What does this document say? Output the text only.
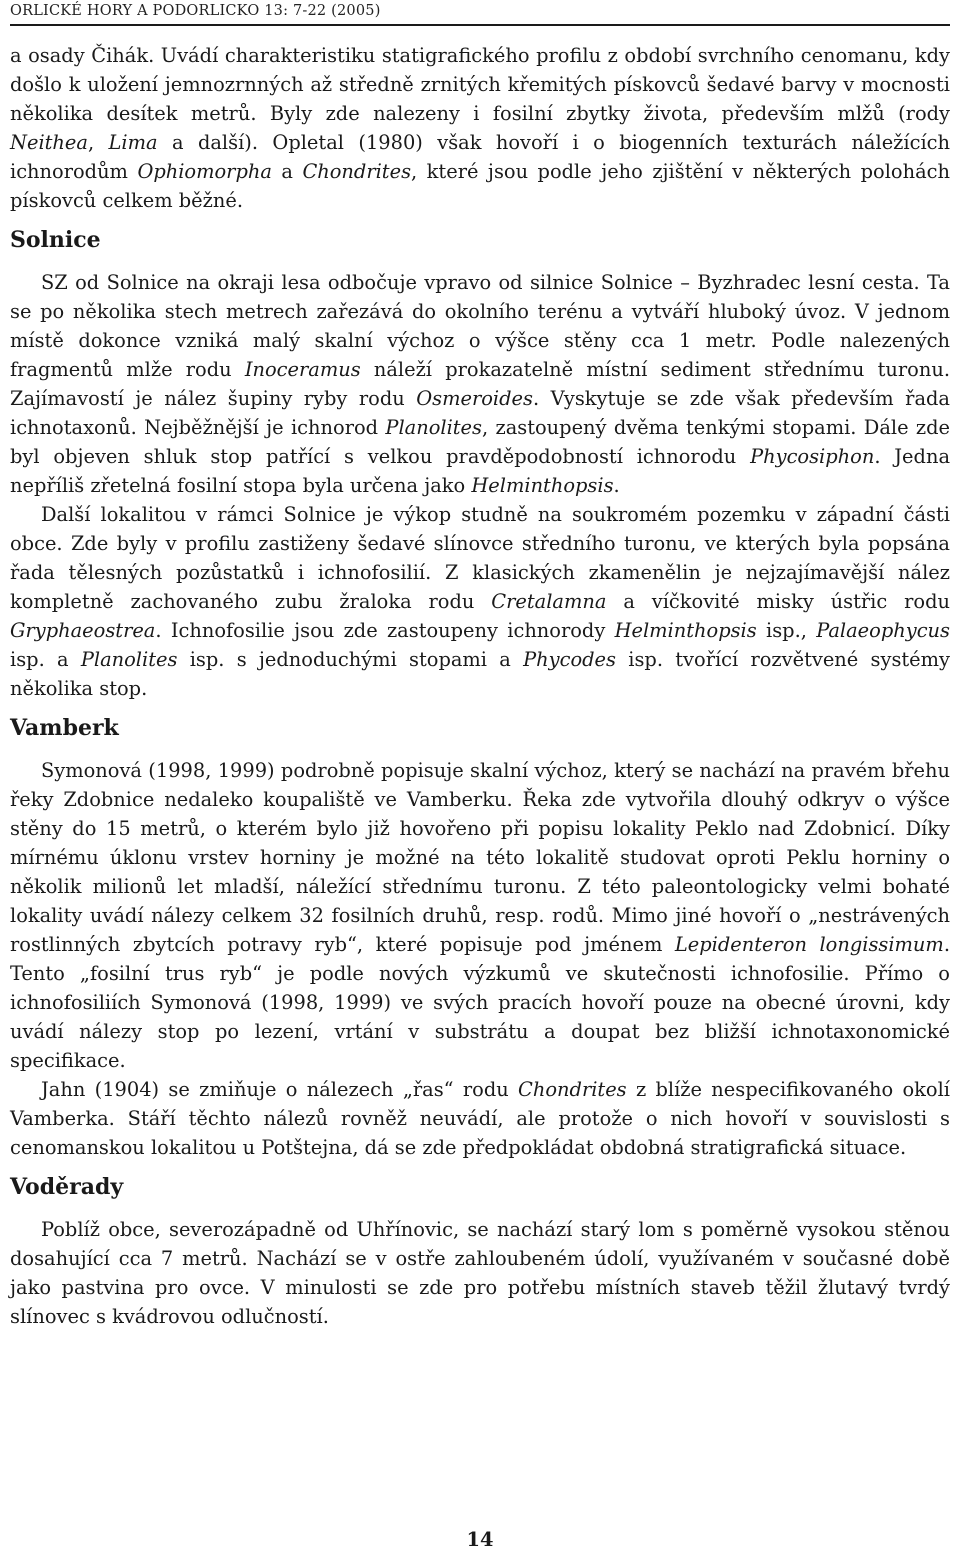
ORLICKÉ HORY A PODORLICKO 13: 7-22 (2005)

a osady Čihák. Uvádí charakteristiku statigrafického profilu z období svrchního cenomanu, kdy došlo k uložení jemnozrnných až středně zrnitých křemitých pískovců šedavé barvy v mocnosti několika desítek metrů. Byly zde nalezeny i fosilní zbytky života, především mlžů (rody Neithea, Lima a další). Opletal (1980) však hovoří i o biogenních texturách náležících ichnorodům Ophiomorpha a Chondrites, které jsou podle jeho zjištění v některých polohách pískovců celkem běžné.

Solnice

SZ od Solnice na okraji lesa odbočuje vpravo od silnice Solnice – Byzhradec lesní cesta. Ta se po několika stech metrech zařezává do okolního terénu a vytváří hluboký úvoz. V jednom místě dokonce vzniká malý skalní výchoz o výšce stěny cca 1 metr. Podle nalezených fragmentů mlže rodu Inoceramus náleží prokazatelně místní sediment střednímu turonu. Zajímavostí je nález šupiny ryby rodu Osmeroides. Vyskytuje se zde však především řada ichnotaxonů. Nejběžnější je ichnorod Planolites, zastoupený dvěma tenkými stopami. Dále zde byl objeven shluk stop patřící s velkou pravděpodobností ichnorodu Phycosiphon. Jedna nepříliš zřetelná fosilní stopa byla určena jako Helminthopsis.

Další lokalitou v rámci Solnice je výkop studně na soukromém pozemku v západní části obce. Zde byly v profilu zastiženy šedavé slínovce středního turonu, ve kterých byla popsána řada tělesných pozůstatků i ichnofosilií. Z klasických zkamenělin je nejzajímavější nález kompletně zachovaného zubu žraloka rodu Cretalamna a víčkovité misky ústřic rodu Gryphaeostrea. Ichnofosilie jsou zde zastoupeny ichnorody Helminthopsis isp., Palaeophycus isp. a Planolites isp. s jednoduchými stopami a Phycodes isp. tvořící rozvětvené systémy několika stop.

Vamberk

Symonová (1998, 1999) podrobně popisuje skalní výchoz, který se nachází na pravém břehu řeky Zdobnice nedaleko koupaliště ve Vamberku. Řeka zde vytvořila dlouhý odkryv o výšce stěny do 15 metrů, o kterém bylo již hovořeno při popisu lokality Peklo nad Zdobnicí. Díky mírnému úklonu vrstev horniny je možné na této lokalitě studovat oproti Peklu horniny o několik milionů let mladší, náležící střednímu turonu. Z této paleontologicky velmi bohaté lokality uvádí nálezy celkem 32 fosilních druhů, resp. rodů. Mimo jiné hovoří o „nestrávených rostlinných zbytcích potravy ryb“, které popisuje pod jménem Lepidenteron longissimum. Tento „fosilní trus ryb“ je podle nových výzkumů ve skutečnosti ichnofosilie. Přímo o ichnofosiliích Symonová (1998, 1999) ve svých pracích hovoří pouze na obecné úrovni, kdy uvádí nálezy stop po lezení, vrtání v substrátu a doupat bez bližší ichnotaxonomické specifikace.

Jahn (1904) se zmiňuje o nálezech „řas“ rodu Chondrites z blíže nespecifikovaného okolí Vamberka. Stáří těchto nálezů rovněž neuvádí, ale protože o nich hovoří v souvislosti s cenomanskou lokalitou u Potštejna, dá se zde předpokládat obdobná stratigrafická situace.

Voděrady

Poblíž obce, severozápadně od Uhřínovic, se nachází starý lom s poměrně vysokou stěnou dosahující cca 7 metrů. Nachází se v ostře zahloubeném údolí, využívaném v současné době jako pastvina pro ovce. V minulosti se zde pro potřebu místních staveb těžil žlutavý tvrdý slínovec s kvádrovou odlučností.

14
